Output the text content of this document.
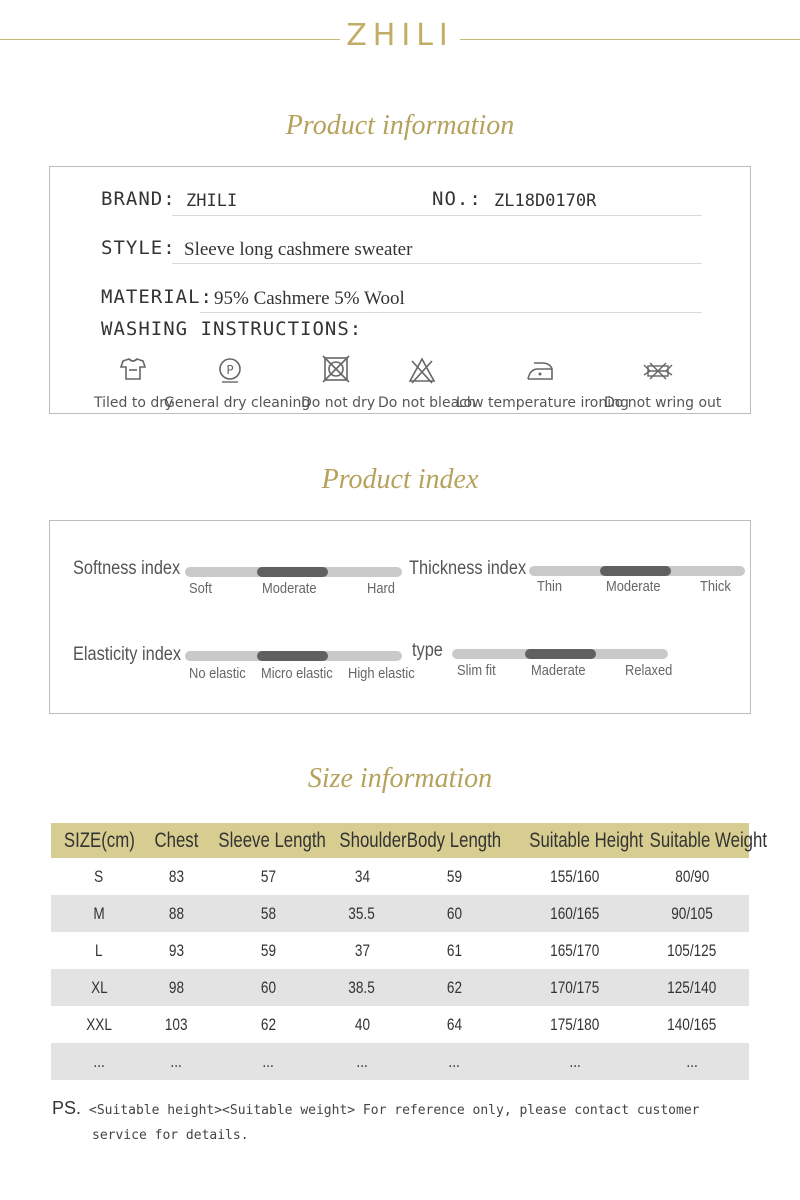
ZHILI
Product information
BRAND: ZHILI	NO.: ZL18D0170R
STYLE: Sleeve long cashmere sweater
MATERIAL: 95% Cashmere 5% Wool
WASHING INSTRUCTIONS:
P
Tiled to dry
General dry cleaning
Do not dry Do not bleach
Low temperature ironing
Do not wring out
Product index
Softness index
Soft	Moderate	Hard
Thickness index
Thin	Moderate	Thick
Elasticity index
No elastic Micro elastic High elastic
type
Slim fit Maderate	Relaxed
Size information
SIZE(cm)	Chest	Sleeve Length	Shoulder	Body Length	Suitable Height	Suitable Weight
S	83	57	34	59	155/160	80/90
M	88	58	35.5	60	160/165	90/105
L	93	59	37	61	165/170	105/125
XL	98	60	38.5	62	170/175	125/140
XXL	103	62	40	64	175/180	140/165
...	...	...	...	...	...	...
PS. <Suitable height><Suitable weight> For reference only, please contact customer
service for details.
